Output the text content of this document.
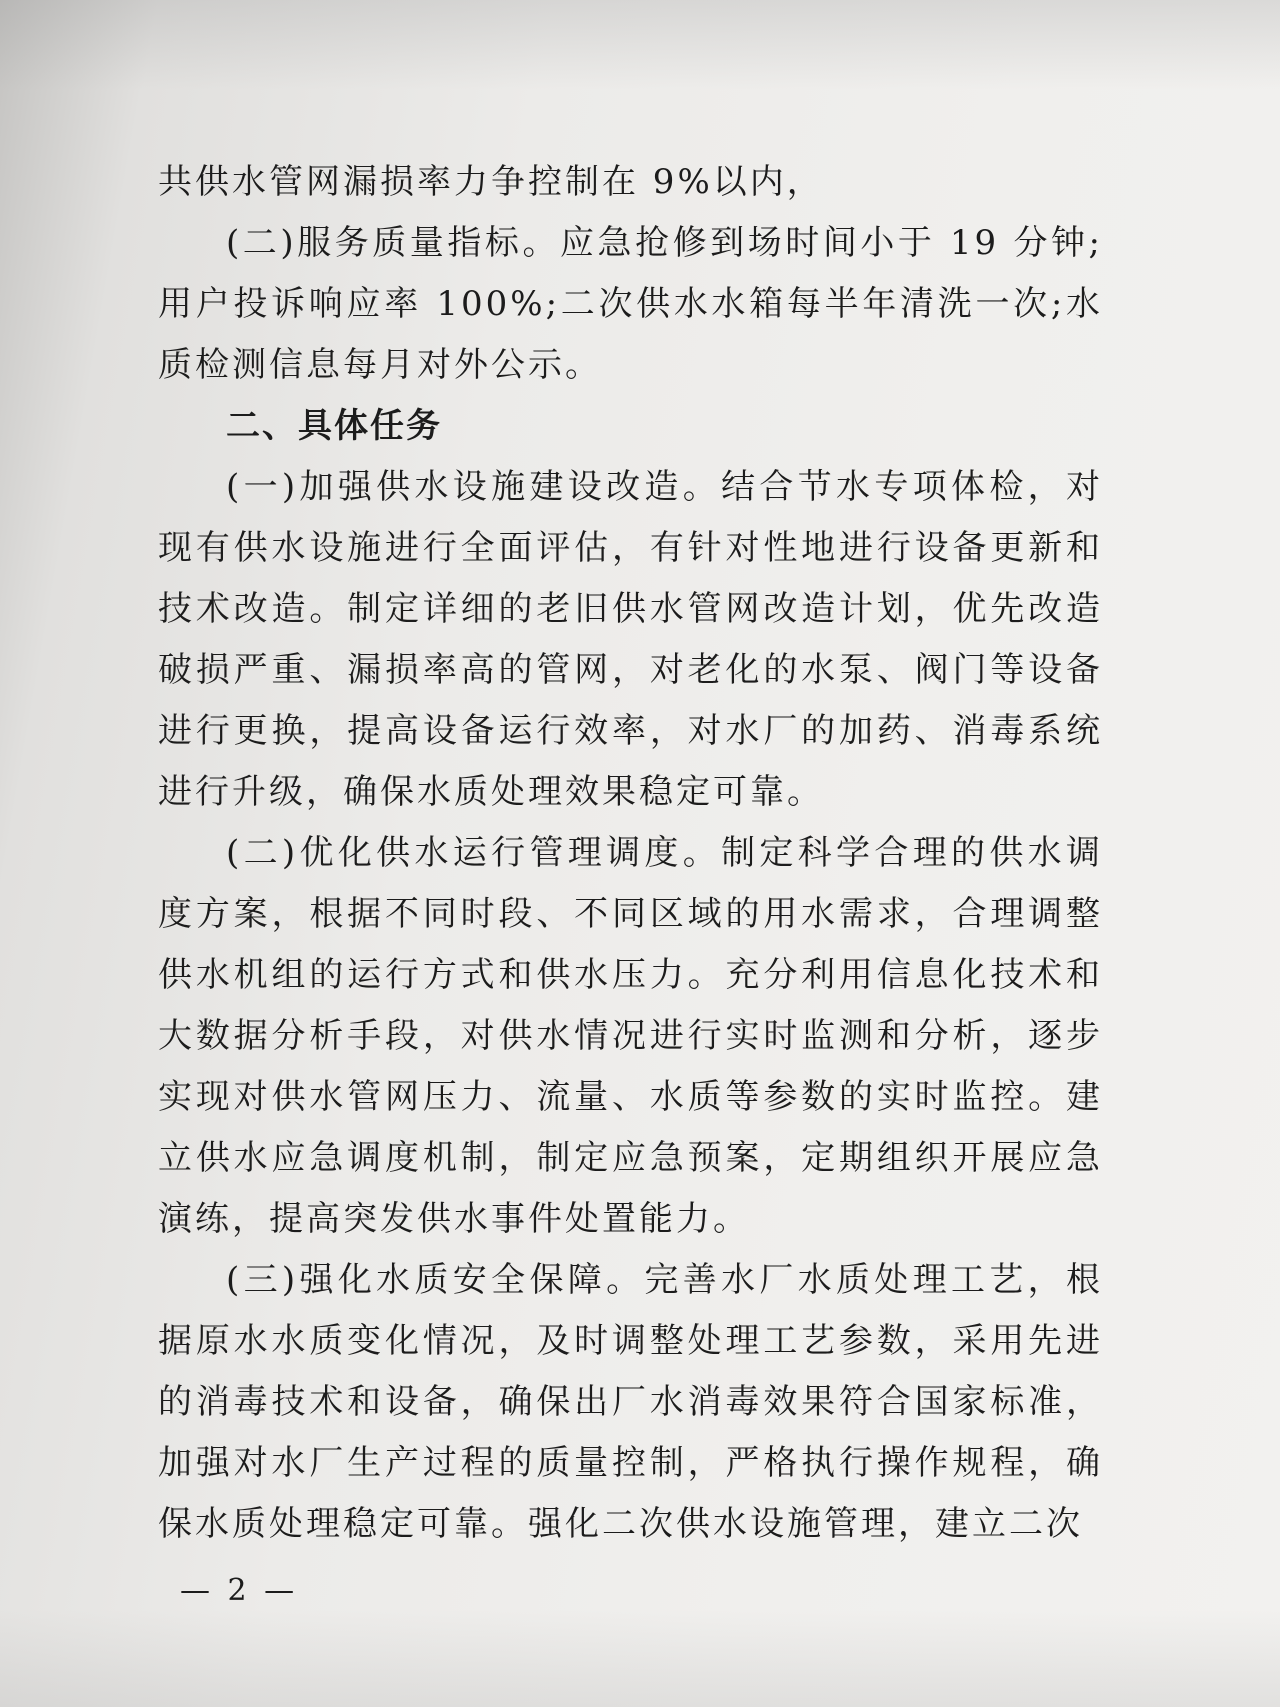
共供水管网漏损率力争控制在 9%以内，

(二)服务质量指标。应急抢修到场时间小于 19 分钟;用户投诉响应率 100%;二次供水水箱每半年清洗一次;水质检测信息每月对外公示。

二、具体任务

(一)加强供水设施建设改造。结合节水专项体检，对现有供水设施进行全面评估，有针对性地进行设备更新和技术改造。制定详细的老旧供水管网改造计划，优先改造破损严重、漏损率高的管网，对老化的水泵、阀门等设备进行更换，提高设备运行效率，对水厂的加药、消毒系统进行升级，确保水质处理效果稳定可靠。

(二)优化供水运行管理调度。制定科学合理的供水调度方案，根据不同时段、不同区域的用水需求，合理调整供水机组的运行方式和供水压力。充分利用信息化技术和大数据分析手段，对供水情况进行实时监测和分析，逐步实现对供水管网压力、流量、水质等参数的实时监控。建立供水应急调度机制，制定应急预案，定期组织开展应急演练，提高突发供水事件处置能力。

(三)强化水质安全保障。完善水厂水质处理工艺，根据原水水质变化情况，及时调整处理工艺参数，采用先进的消毒技术和设备，确保出厂水消毒效果符合国家标准，加强对水厂生产过程的质量控制，严格执行操作规程，确保水质处理稳定可靠。强化二次供水设施管理，建立二次

— 2 —
